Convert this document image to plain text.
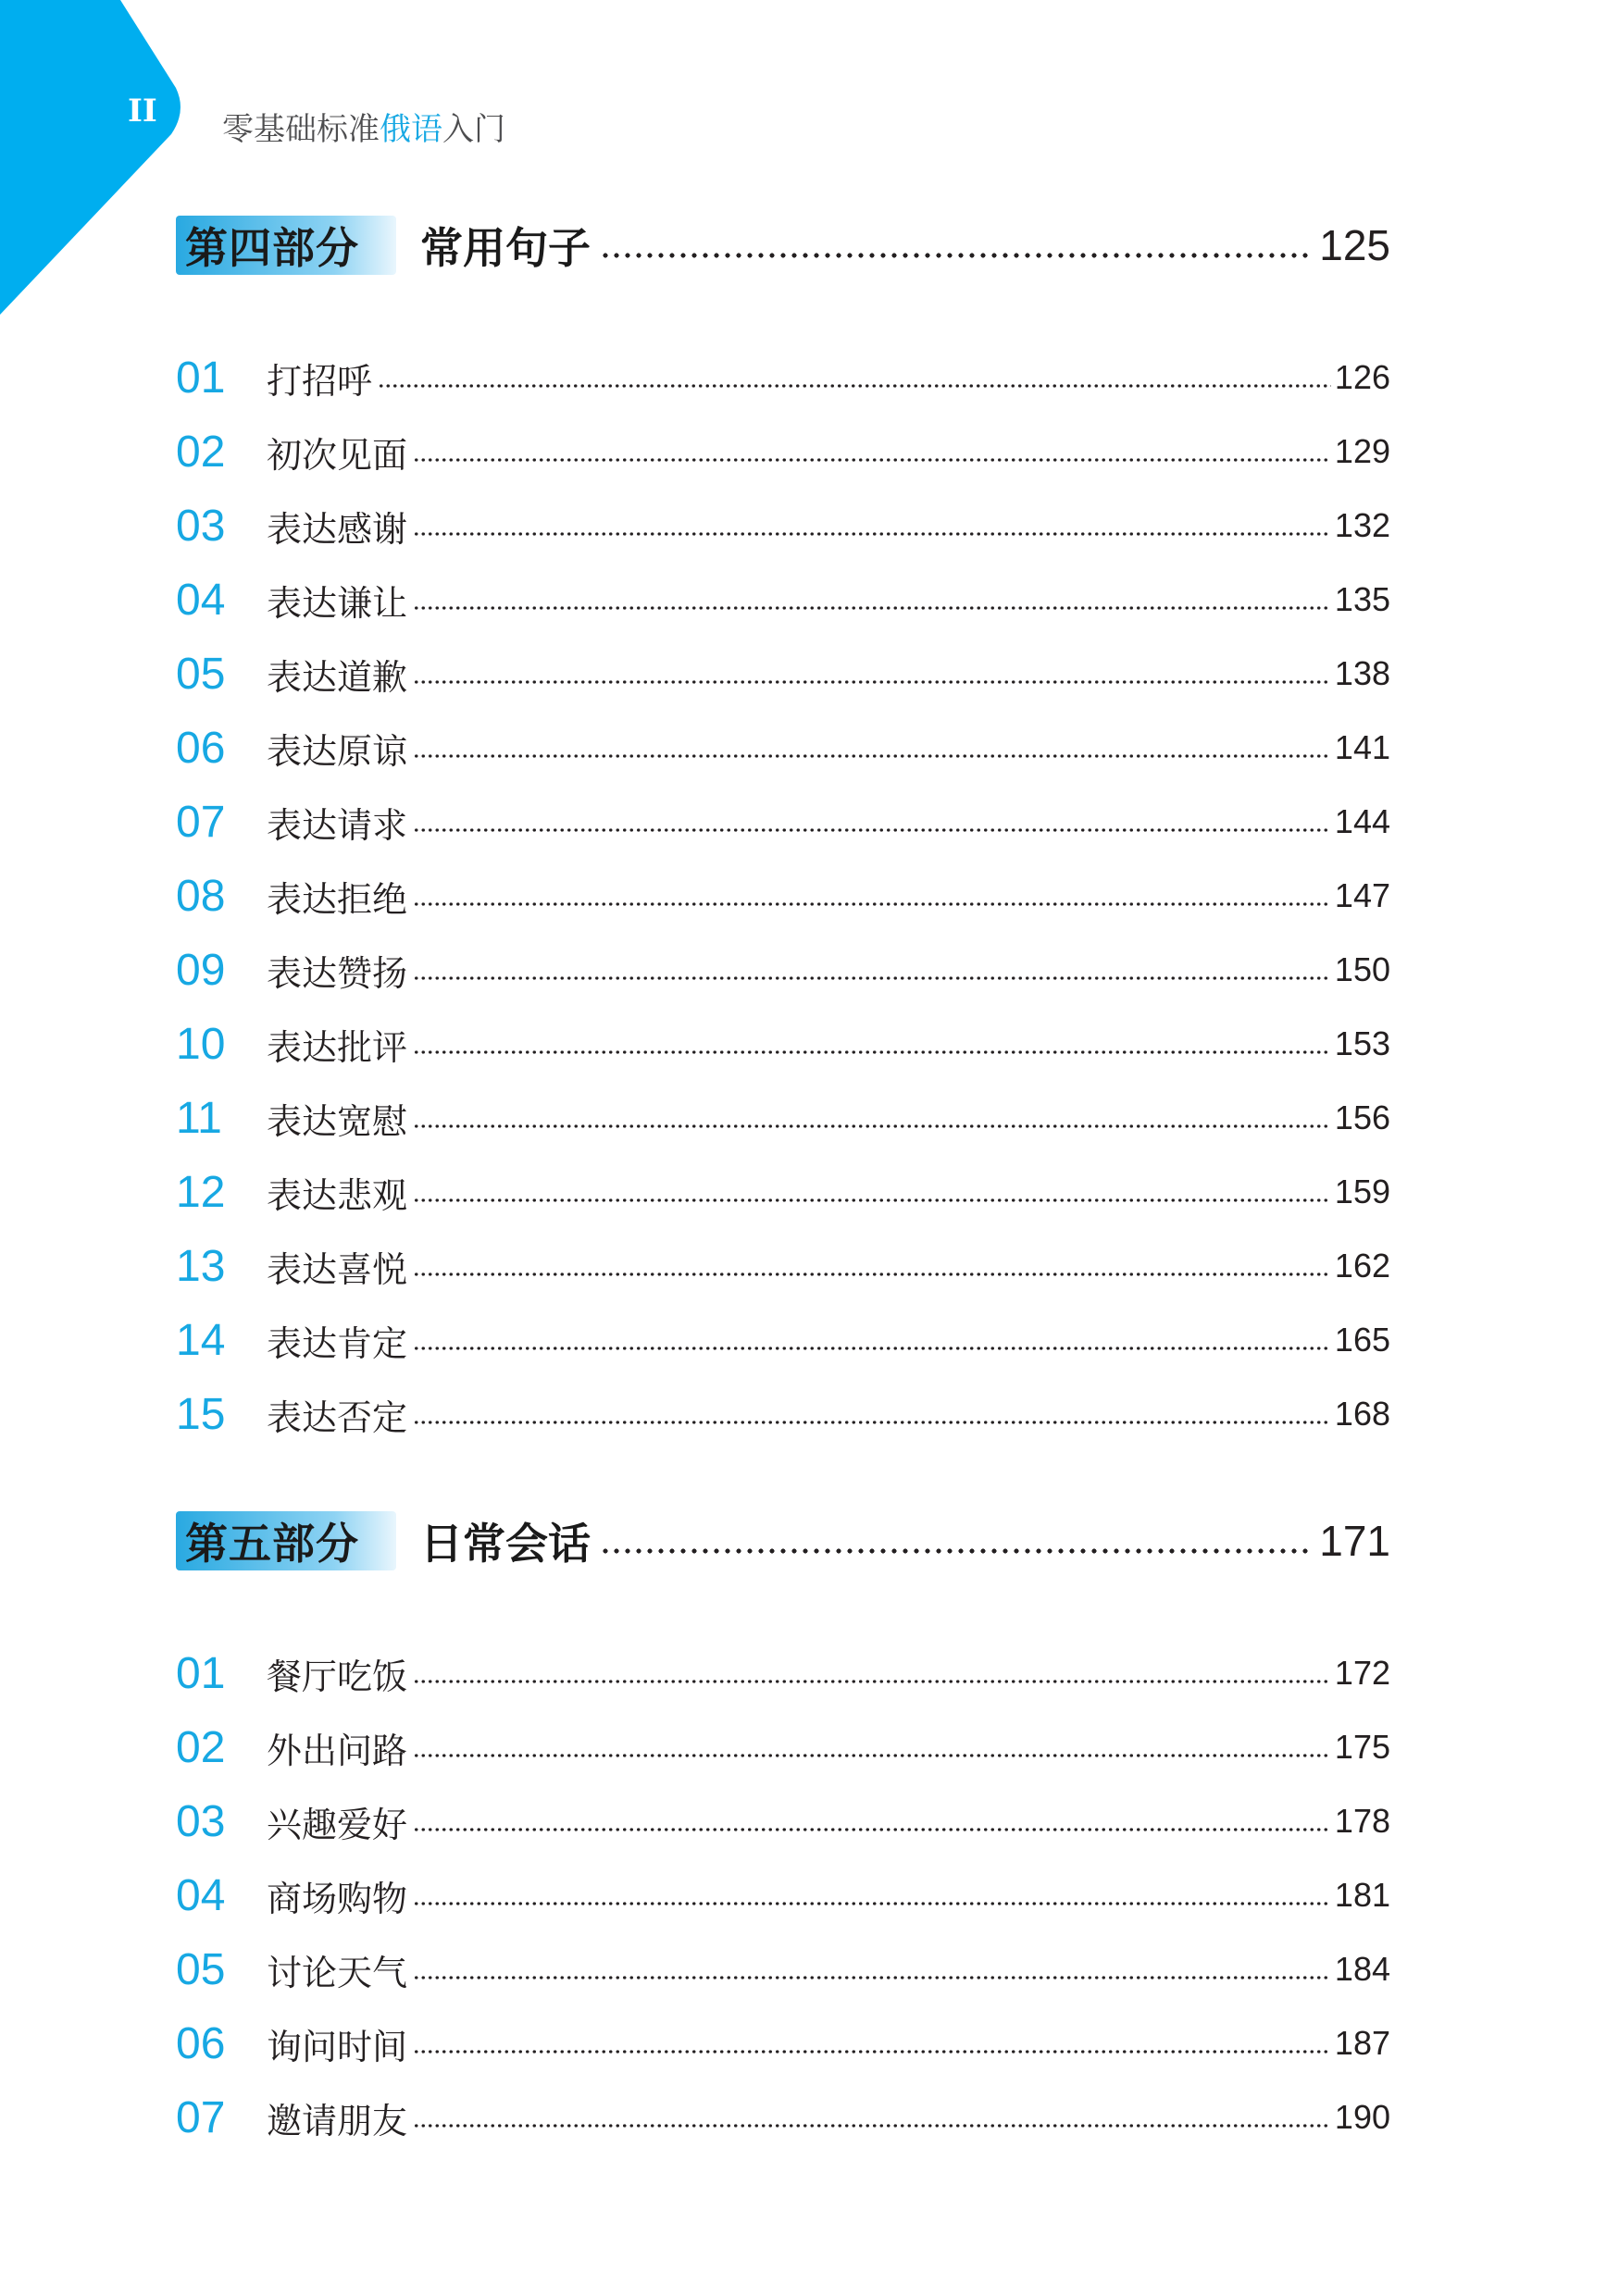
II	零基础标准俄语入门
第四部分	常用句子	125
01	打招呼	126
02	初次见面	129
03	表达感谢	132
04	表达谦让	135
05	表达道歉	138
06	表达原谅	141
07	表达请求	144
08	表达拒绝	147
09	表达赞扬	150
10	表达批评	153
11	表达宽慰	156
12	表达悲观	159
13	表达喜悦	162
14	表达肯定	165
15	表达否定	168
第五部分	日常会话	171
01	餐厅吃饭	172
02	外出问路	175
03	兴趣爱好	178
04	商场购物	181
05	讨论天气	184
06	询问时间	187
07	邀请朋友	190
